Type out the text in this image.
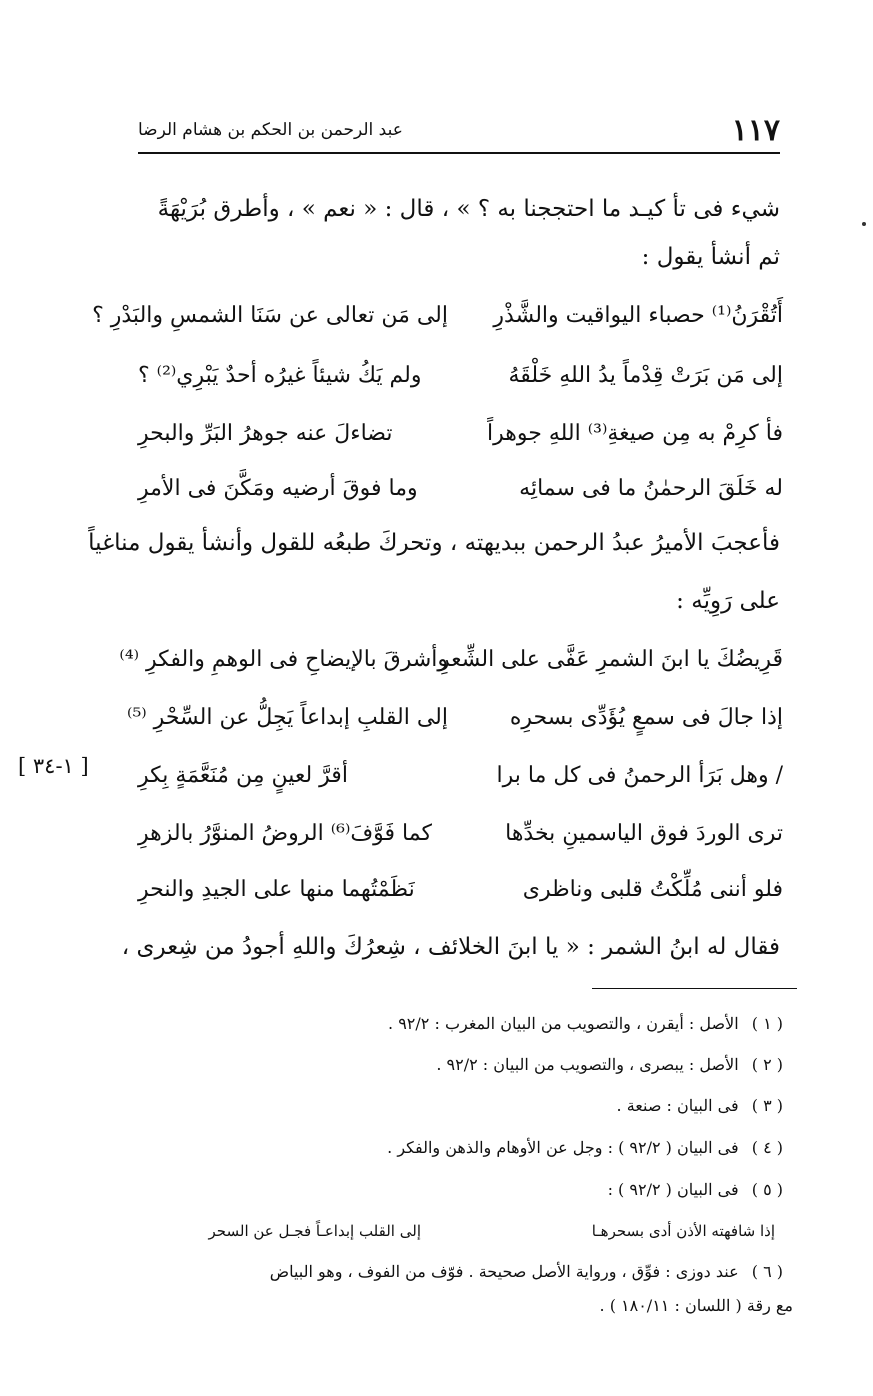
عبد الرحمن بن الحكم بن هشام الرضا	١١٧
شيء فى تأ كيـد ما احتججنا به ؟ » ، قال : « نعم » ، وأطرق بُرَيْهَةً
ثم أنشأ يقول :
أَتُقْرَنُ⁽¹⁾ حصباء اليواقيت والشَّذْرِ
إلى مَن تعالى عن سَنَا الشمسِ والبَدْرِ ؟
إلى مَن بَرَتْ قِدْماً يدُ اللهِ خَلْقَهُ
ولم يَكُ شيئاً غيرُه أحدٌ يَبْرِي⁽²⁾ ؟
فأ كرِمْ به مِن صيغةِ⁽³⁾ اللهِ جوهراً
تضاءلَ عنه جوهرُ البَرِّ والبحرِ
له خَلَقَ الرحمٰنُ ما فى سمائِه
وما فوقَ أرضيه ومَكَّنَ فى الأمرِ
فأعجبَ الأميرُ عبدُ الرحمن ببديهته ، وتحركَ طبعُه للقول وأنشأ يقول مناغياً
على رَوِيِّه :
قَرِيضُكَ يا ابنَ الشمرِ عَفَّى على الشِّعرِ
وأشرقَ بالإيضاحِ فى الوهمِ والفكرِ ⁽⁴⁾
إذا جالَ فى سمعٍ يُؤَدِّى بسحرِه
إلى القلبِ إبداعاً يَجِلُّ عن السِّحْرِ ⁽⁵⁾
/ وهل بَرَأ الرحمنُ فى كل ما برا
أقرَّ لعينٍ مِن مُنَعَّمَةٍ بِكرِ
[ ١-٣٤ ]
ترى الوردَ فوق الياسمينِ بخدِّها
كما فَوَّفَ⁽⁶⁾ الروضُ المنوَّرُ بالزهرِ
فلو أننى مُلِّكْتُ قلبى وناظرى
نَظَمْتُهما منها على الجيدِ والنحرِ
فقال له ابنُ الشمر : « يا ابنَ الخلائف ، شِعرُكَ واللهِ أجودُ من شِعرى ،
( ١ ) الأصل : أيقرن ، والتصويب من البيان المغرب : ٩٢/٢ .
( ٢ ) الأصل : يبصرى ، والتصويب من البيان : ٩٢/٢ .
( ٣ ) فى البيان : صنعة .
( ٤ ) فى البيان ( ٩٢/٢ ) : وجل عن الأوهام والذهن والفكر .
( ٥ ) فى البيان ( ٩٢/٢ ) :
إذا شافهته الأذن أدى بسحرهـا
إلى القلب إبداعـاً فجـل عن السحر
( ٦ ) عند دوزى : فوِّق ، ورواية الأصل صحيحة . فوّف من الفوف ، وهو البياض
مع رقة ( اللسان : ١٨٠/١١ ) .
